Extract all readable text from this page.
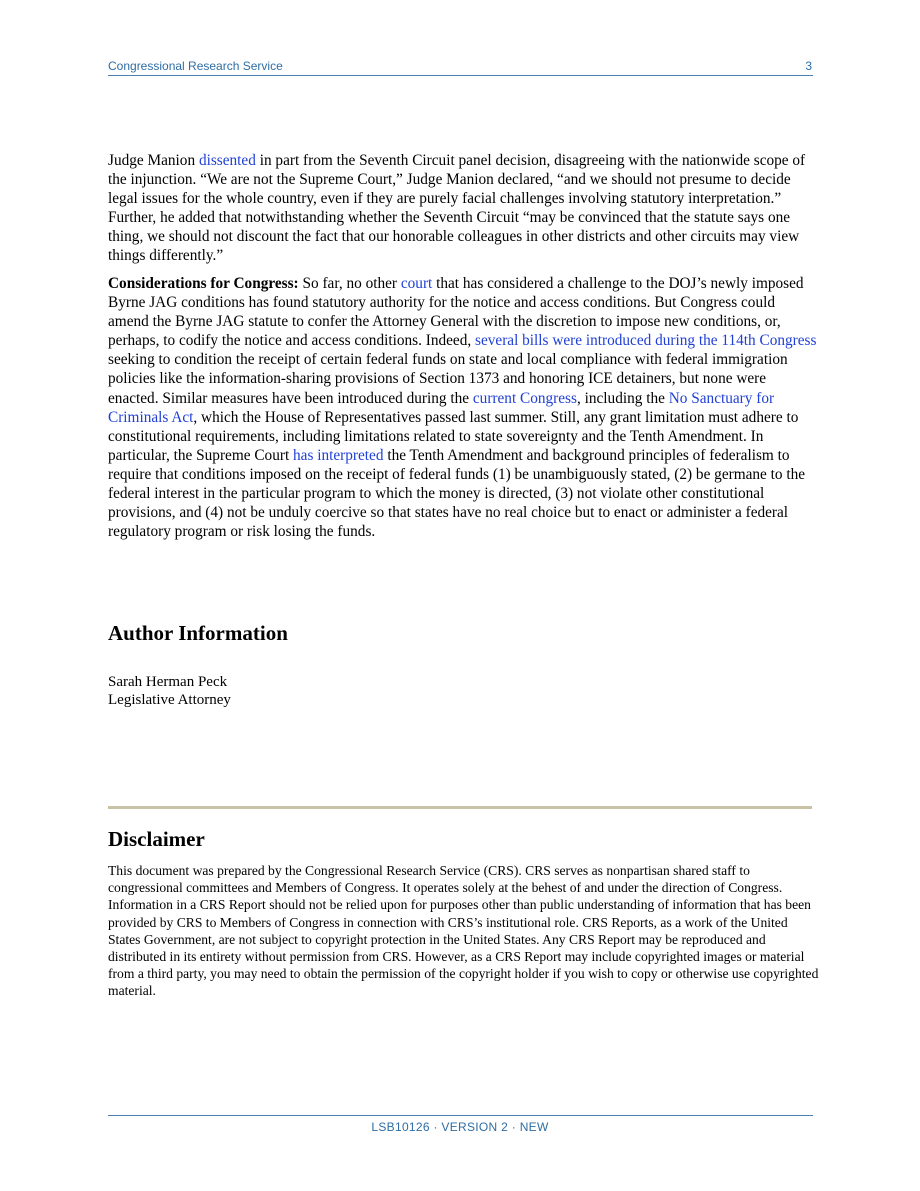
Congressional Research Service	3

Judge Manion dissented in part from the Seventh Circuit panel decision, disagreeing with the nationwide scope of the injunction. “We are not the Supreme Court,” Judge Manion declared, “and we should not presume to decide legal issues for the whole country, even if they are purely facial challenges involving statutory interpretation.” Further, he added that notwithstanding whether the Seventh Circuit “may be convinced that the statute says one thing, we should not discount the fact that our honorable colleagues in other districts and other circuits may view things differently.”

Considerations for Congress: So far, no other court that has considered a challenge to the DOJ’s newly imposed Byrne JAG conditions has found statutory authority for the notice and access conditions. But Congress could amend the Byrne JAG statute to confer the Attorney General with the discretion to impose new conditions, or, perhaps, to codify the notice and access conditions. Indeed, several bills were introduced during the 114th Congress seeking to condition the receipt of certain federal funds on state and local compliance with federal immigration policies like the information-sharing provisions of Section 1373 and honoring ICE detainers, but none were enacted. Similar measures have been introduced during the current Congress, including the No Sanctuary for Criminals Act, which the House of Representatives passed last summer. Still, any grant limitation must adhere to constitutional requirements, including limitations related to state sovereignty and the Tenth Amendment. In particular, the Supreme Court has interpreted the Tenth Amendment and background principles of federalism to require that conditions imposed on the receipt of federal funds (1) be unambiguously stated, (2) be germane to the federal interest in the particular program to which the money is directed, (3) not violate other constitutional provisions, and (4) not be unduly coercive so that states have no real choice but to enact or administer a federal regulatory program or risk losing the funds.

Author Information
Sarah Herman Peck
Legislative Attorney
Disclaimer

This document was prepared by the Congressional Research Service (CRS). CRS serves as nonpartisan shared staff to congressional committees and Members of Congress. It operates solely at the behest of and under the direction of Congress. Information in a CRS Report should not be relied upon for purposes other than public understanding of information that has been provided by CRS to Members of Congress in connection with CRS’s institutional role. CRS Reports, as a work of the United States Government, are not subject to copyright protection in the United States. Any CRS Report may be reproduced and distributed in its entirety without permission from CRS. However, as a CRS Report may include copyrighted images or material from a third party, you may need to obtain the permission of the copyright holder if you wish to copy or otherwise use copyrighted material.

LSB10126 · VERSION 2 · NEW
